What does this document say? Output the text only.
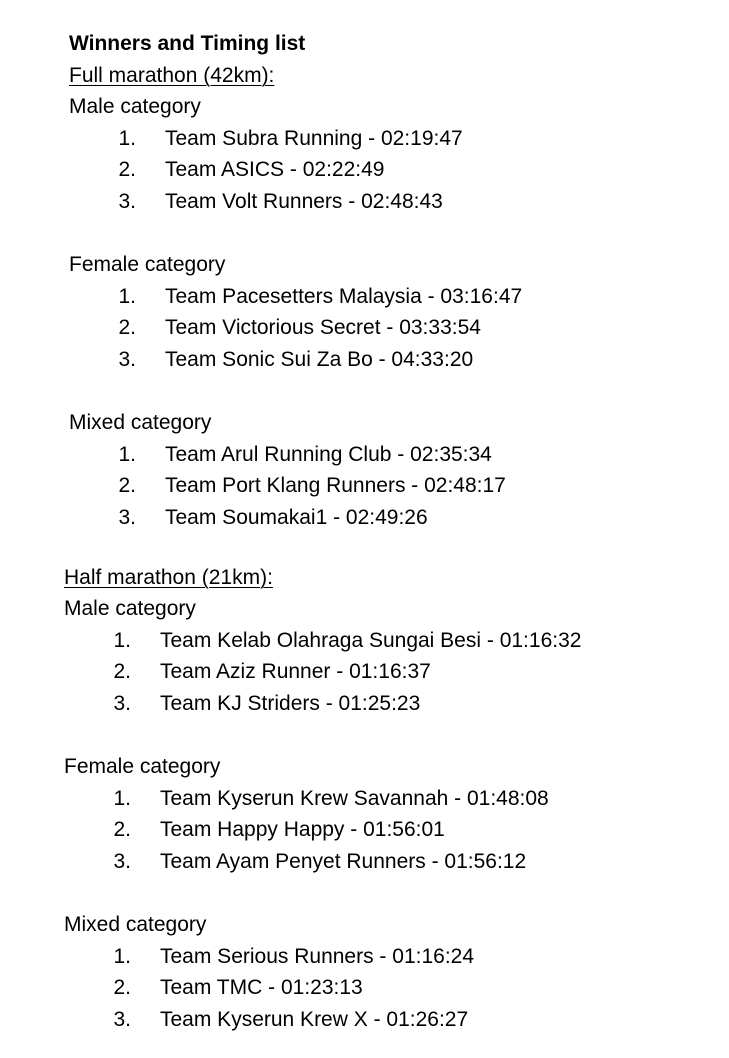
Winners and Timing list
Full marathon (42km):
Male category
1. Team Subra Running - 02:19:47
2. Team ASICS - 02:22:49
3. Team Volt Runners - 02:48:43
Female category
1. Team Pacesetters Malaysia - 03:16:47
2. Team Victorious Secret - 03:33:54
3. Team Sonic Sui Za Bo - 04:33:20
Mixed category
1. Team Arul Running Club - 02:35:34
2. Team Port Klang Runners - 02:48:17
3. Team Soumakai1 - 02:49:26
Half marathon (21km):
Male category
1. Team Kelab Olahraga Sungai Besi - 01:16:32
2. Team Aziz Runner - 01:16:37
3. Team KJ Striders - 01:25:23
Female category
1. Team Kyserun Krew Savannah - 01:48:08
2. Team Happy Happy - 01:56:01
3. Team Ayam Penyet Runners - 01:56:12
Mixed category
1. Team Serious Runners - 01:16:24
2. Team TMC - 01:23:13
3. Team Kyserun Krew X - 01:26:27
